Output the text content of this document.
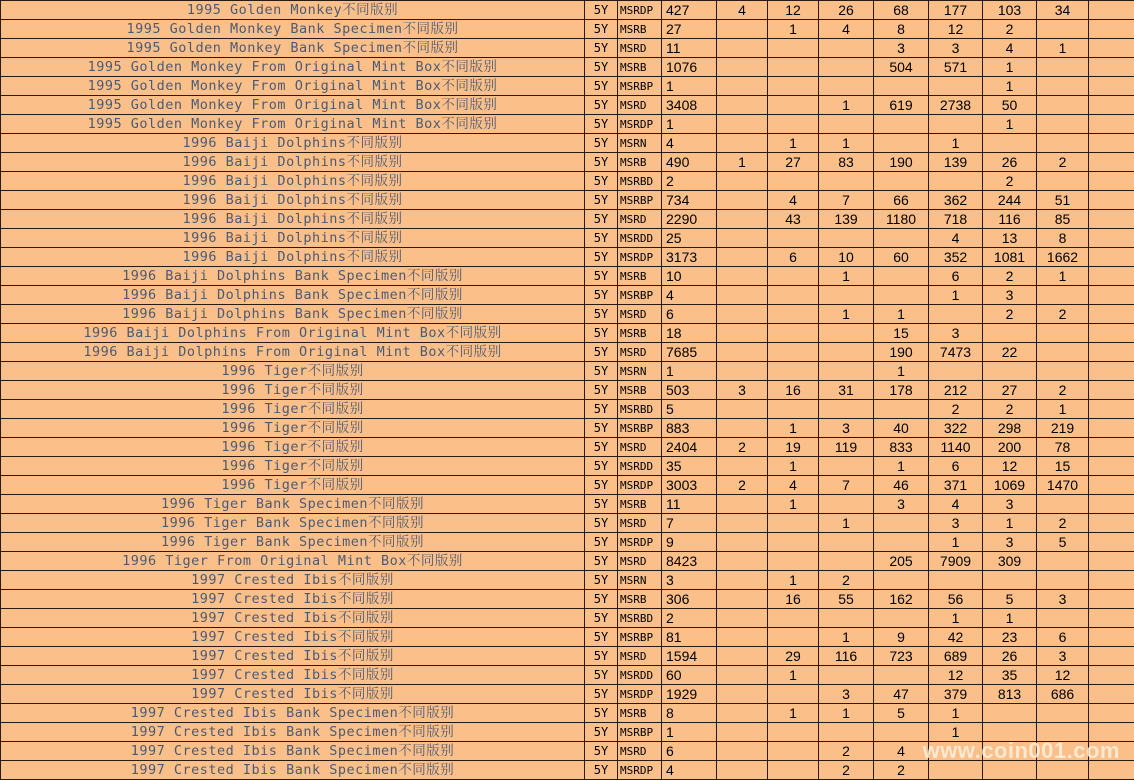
1995 Golden Monkey不同版别	5Y	MSRDP	427	4	12	26	68	177	103	34	
1995 Golden Monkey Bank Specimen不同版别	5Y	MSRB	27		1	4	8	12	2		
1995 Golden Monkey Bank Specimen不同版别	5Y	MSRD	11				3	3	4	1	
1995 Golden Monkey From Original Mint Box不同版别	5Y	MSRB	1076				504	571	1		
1995 Golden Monkey From Original Mint Box不同版别	5Y	MSRBP	1						1		
1995 Golden Monkey From Original Mint Box不同版别	5Y	MSRD	3408			1	619	2738	50		
1995 Golden Monkey From Original Mint Box不同版别	5Y	MSRDP	1						1		
1996 Baiji Dolphins不同版别	5Y	MSRN	4		1	1		1			
1996 Baiji Dolphins不同版别	5Y	MSRB	490	1	27	83	190	139	26	2	
1996 Baiji Dolphins不同版别	5Y	MSRBD	2						2		
1996 Baiji Dolphins不同版别	5Y	MSRBP	734		4	7	66	362	244	51	
1996 Baiji Dolphins不同版别	5Y	MSRD	2290		43	139	1180	718	116	85	
1996 Baiji Dolphins不同版别	5Y	MSRDD	25					4	13	8	
1996 Baiji Dolphins不同版别	5Y	MSRDP	3173		6	10	60	352	1081	1662	
1996 Baiji Dolphins Bank Specimen不同版别	5Y	MSRB	10			1		6	2	1	
1996 Baiji Dolphins Bank Specimen不同版别	5Y	MSRBP	4					1	3		
1996 Baiji Dolphins Bank Specimen不同版别	5Y	MSRD	6			1	1		2	2	
1996 Baiji Dolphins From Original Mint Box不同版别	5Y	MSRB	18				15	3			
1996 Baiji Dolphins From Original Mint Box不同版别	5Y	MSRD	7685				190	7473	22		
1996 Tiger不同版别	5Y	MSRN	1				1				
1996 Tiger不同版别	5Y	MSRB	503	3	16	31	178	212	27	2	
1996 Tiger不同版别	5Y	MSRBD	5					2	2	1	
1996 Tiger不同版别	5Y	MSRBP	883		1	3	40	322	298	219	
1996 Tiger不同版别	5Y	MSRD	2404	2	19	119	833	1140	200	78	
1996 Tiger不同版别	5Y	MSRDD	35		1		1	6	12	15	
1996 Tiger不同版别	5Y	MSRDP	3003	2	4	7	46	371	1069	1470	
1996 Tiger Bank Specimen不同版别	5Y	MSRB	11		1		3	4	3		
1996 Tiger Bank Specimen不同版别	5Y	MSRD	7			1		3	1	2	
1996 Tiger Bank Specimen不同版别	5Y	MSRDP	9					1	3	5	
1996 Tiger From Original Mint Box不同版别	5Y	MSRD	8423				205	7909	309		
1997 Crested Ibis不同版别	5Y	MSRN	3		1	2					
1997 Crested Ibis不同版别	5Y	MSRB	306		16	55	162	56	5	3	
1997 Crested Ibis不同版别	5Y	MSRBD	2					1	1		
1997 Crested Ibis不同版别	5Y	MSRBP	81			1	9	42	23	6	
1997 Crested Ibis不同版别	5Y	MSRD	1594		29	116	723	689	26	3	
1997 Crested Ibis不同版别	5Y	MSRDD	60		1			12	35	12	
1997 Crested Ibis不同版别	5Y	MSRDP	1929			3	47	379	813	686	
1997 Crested Ibis Bank Specimen不同版别	5Y	MSRB	8		1	1	5	1			
1997 Crested Ibis Bank Specimen不同版别	5Y	MSRBP	1					1			
1997 Crested Ibis Bank Specimen不同版别	5Y	MSRD	6			2	4				
1997 Crested Ibis Bank Specimen不同版别	5Y	MSRDP	4			2	2				
www.coin001.com
